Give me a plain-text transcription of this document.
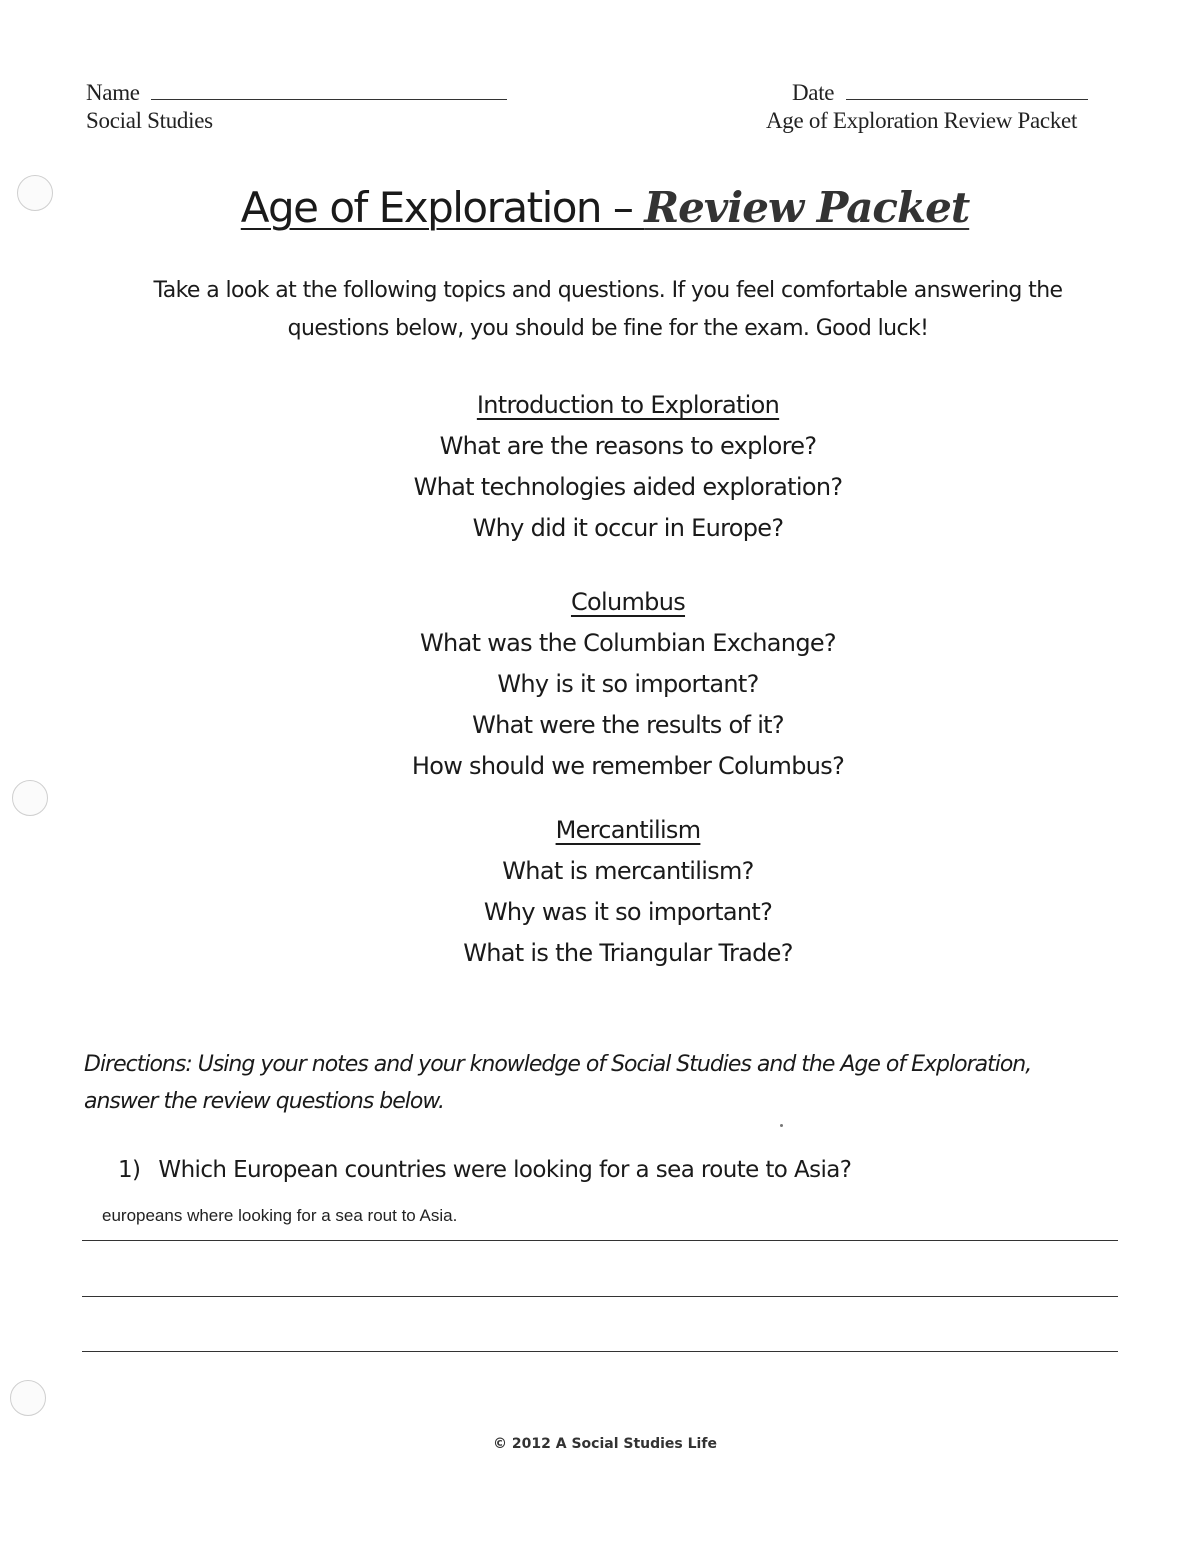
Name
Social Studies
Date
Age of Exploration Review Packet
Age of Exploration – Review Packet
Take a look at the following topics and questions. If you feel comfortable answering the
questions below, you should be fine for the exam. Good luck!
Introduction to Exploration
What are the reasons to explore?
What technologies aided exploration?
Why did it occur in Europe?
Columbus
What was the Columbian Exchange?
Why is it so important?
What were the results of it?
How should we remember Columbus?
Mercantilism
What is mercantilism?
Why was it so important?
What is the Triangular Trade?
Directions: Using your notes and your knowledge of Social Studies and the Age of Exploration,
answer the review questions below.
1) Which European countries were looking for a sea route to Asia?
europeans where looking for a sea rout to Asia.
© 2012 A Social Studies Life
